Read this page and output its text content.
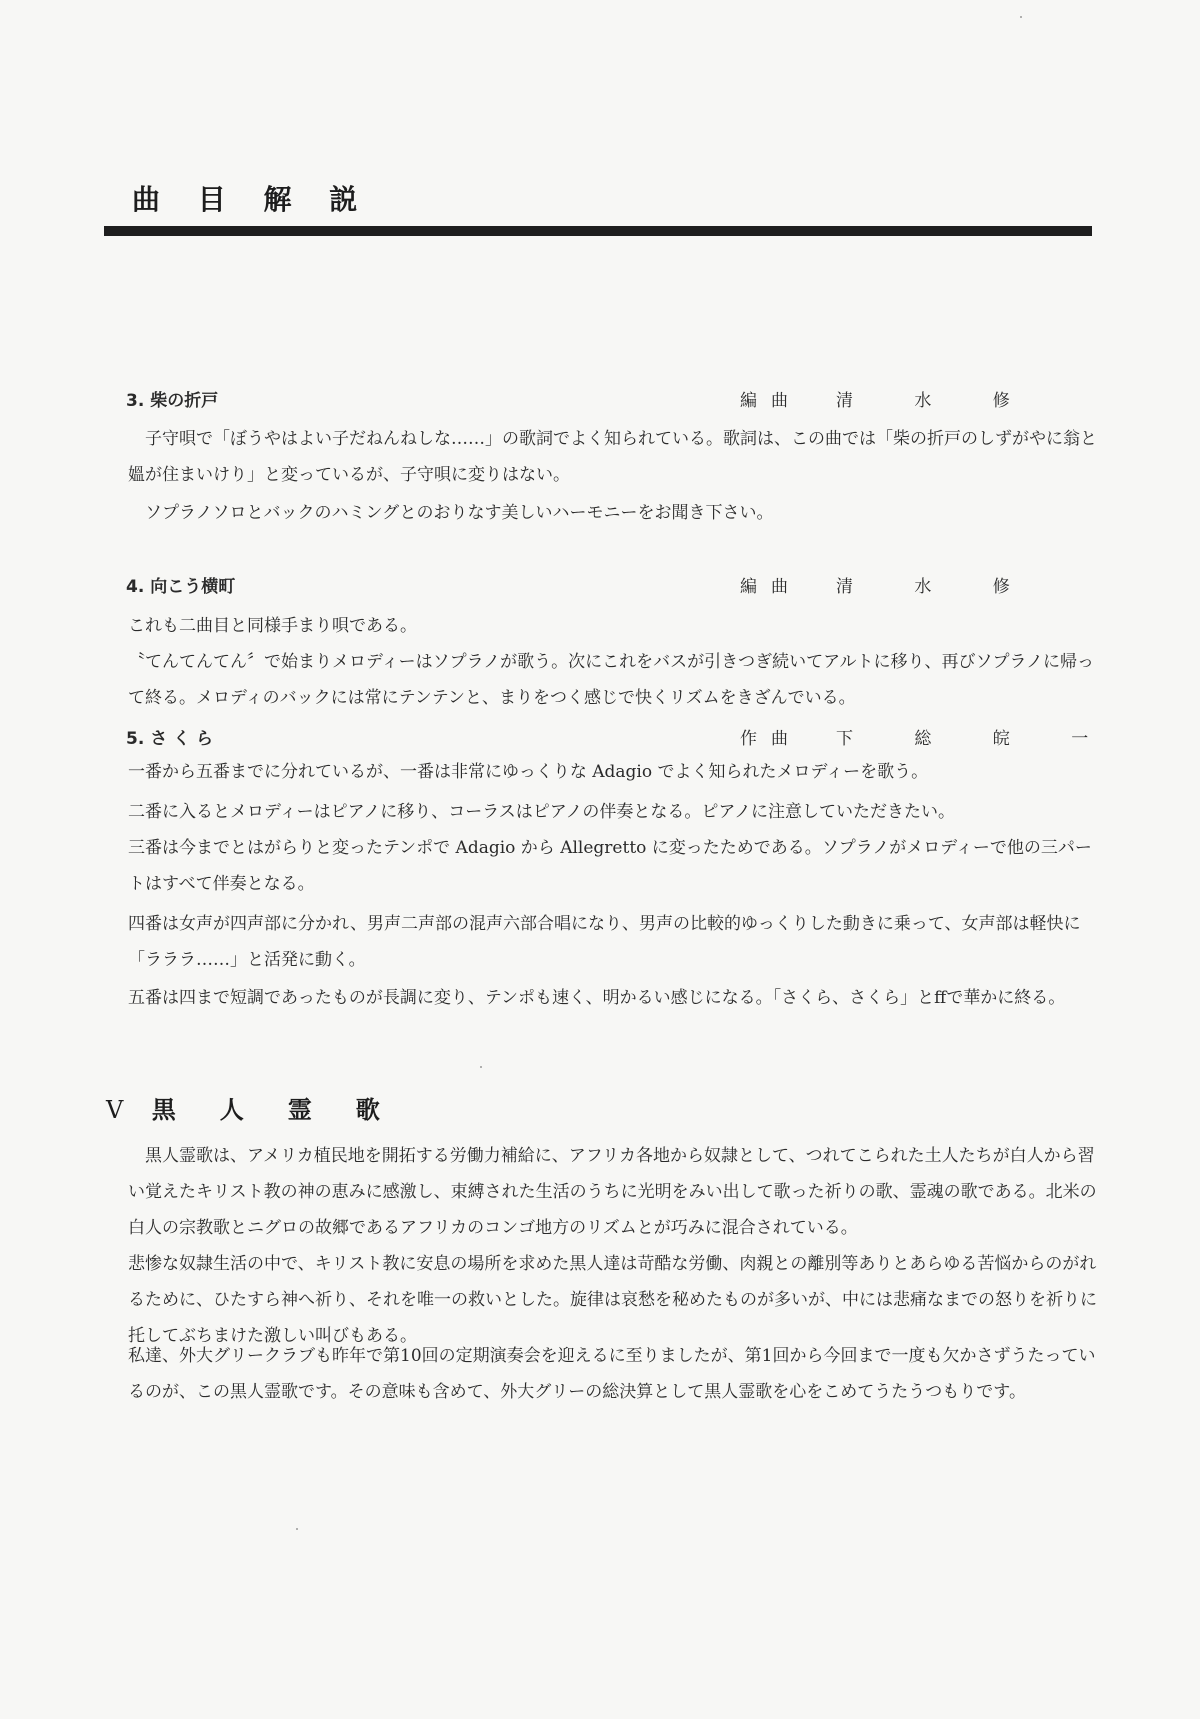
曲 目 解 説
3. 柴の折戸	編曲 清 水 修

子守唄で「ぼうやはよい子だねんねしな……」の歌詞でよく知られている。歌詞は、この曲では「柴の折戸のしずがやに翁と媼が住まいけり」と変っているが、子守唄に変りはない。

ソプラノソロとバックのハミングとのおりなす美しいハーモニーをお聞き下さい。

4. 向こう横町	編曲 清 水 修

これも二曲目と同様手まり唄である。

〝てんてんてん〞で始まりメロディーはソプラノが歌う。次にこれをバスが引きつぎ続いてアルトに移り、再びソプラノに帰って終る。メロディのバックには常にテンテンと、まりをつく感じで快くリズムをきざんでいる。

5. さ く ら	作曲 下 総 皖 一

一番から五番までに分れているが、一番は非常にゆっくりな Adagio でよく知られたメロディーを歌う。

二番に入るとメロディーはピアノに移り、コーラスはピアノの伴奏となる。ピアノに注意していただきたい。

三番は今までとはがらりと変ったテンポで Adagio から Allegretto に変ったためである。ソプラノがメロディーで他の三パートはすべて伴奏となる。

四番は女声が四声部に分かれ、男声二声部の混声六部合唱になり、男声の比較的ゆっくりした動きに乗って、女声部は軽快に「ラララ……」と活発に動く。

五番は四まで短調であったものが長調に変り、テンポも速く、明かるい感じになる。「さくら、さくら」とffで華かに終る。

V 黒人霊歌

黒人霊歌は、アメリカ植民地を開拓する労働力補給に、アフリカ各地から奴隷として、つれてこられた土人たちが白人から習い覚えたキリスト教の神の恵みに感激し、束縛された生活のうちに光明をみい出して歌った祈りの歌、霊魂の歌である。北米の白人の宗教歌とニグロの故郷であるアフリカのコンゴ地方のリズムとが巧みに混合されている。

悲惨な奴隷生活の中で、キリスト教に安息の場所を求めた黒人達は苛酷な労働、肉親との離別等ありとあらゆる苦悩からのがれるために、ひたすら神へ祈り、それを唯一の救いとした。旋律は哀愁を秘めたものが多いが、中には悲痛なまでの怒りを祈りに托してぶちまけた激しい叫びもある。

私達、外大グリークラブも昨年で第10回の定期演奏会を迎えるに至りましたが、第1回から今回まで一度も欠かさずうたっているのが、この黒人霊歌です。その意味も含めて、外大グリーの総決算として黒人霊歌を心をこめてうたうつもりです。
